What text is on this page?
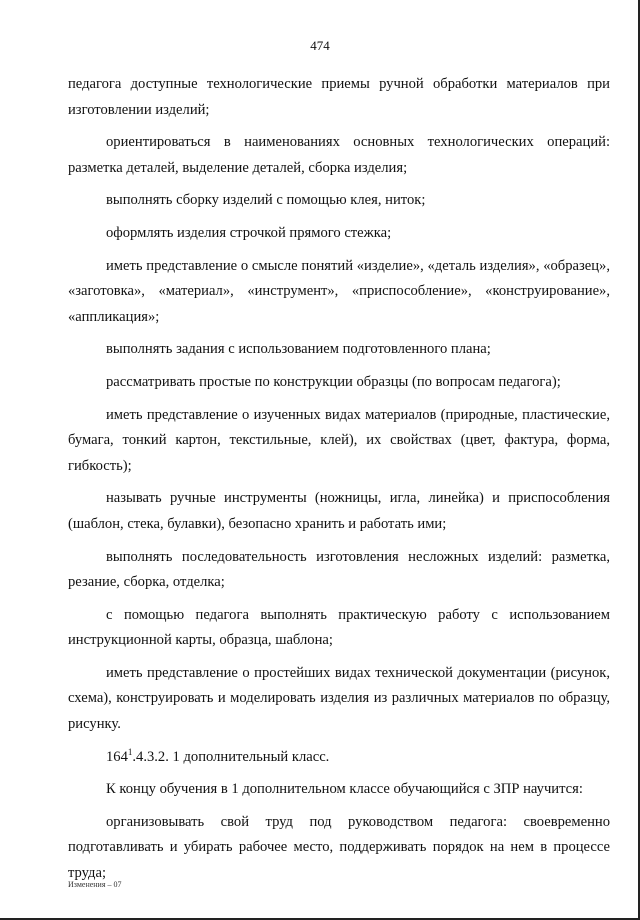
474

педагога доступные технологические приемы ручной обработки материалов при изготовлении изделий;

ориентироваться в наименованиях основных технологических операций: разметка деталей, выделение деталей, сборка изделия;

выполнять сборку изделий с помощью клея, ниток;

оформлять изделия строчкой прямого стежка;

иметь представление о смысле понятий «изделие», «деталь изделия», «образец», «заготовка», «материал», «инструмент», «приспособление», «конструирование», «аппликация»;

выполнять задания с использованием подготовленного плана;

рассматривать простые по конструкции образцы (по вопросам педагога);

иметь представление о изученных видах материалов (природные, пластические, бумага, тонкий картон, текстильные, клей), их свойствах (цвет, фактура, форма, гибкость);

называть ручные инструменты (ножницы, игла, линейка) и приспособления (шаблон, стека, булавки), безопасно хранить и работать ими;

выполнять последовательность изготовления несложных изделий: разметка, резание, сборка, отделка;

с помощью педагога выполнять практическую работу с использованием инструкционной карты, образца, шаблона;

иметь представление о простейших видах технической документации (рисунок, схема), конструировать и моделировать изделия из различных материалов по образцу, рисунку.

$164^1.4.3.2$. 1 дополнительный класс.

К концу обучения в 1 дополнительном классе обучающийся с ЗПР научится:

организовывать свой труд под руководством педагога: своевременно подготавливать и убирать рабочее место, поддерживать порядок на нем в процессе труда;

Изменения – 07
